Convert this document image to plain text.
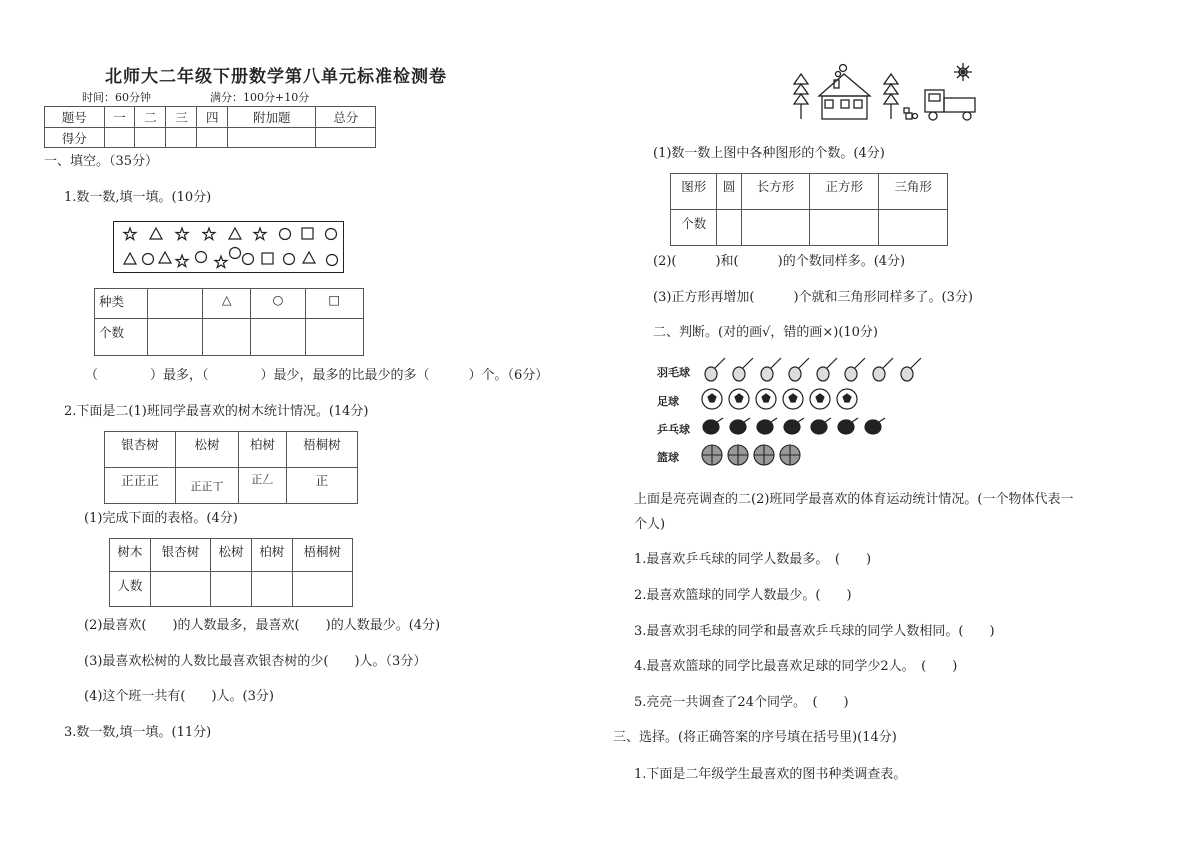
北师大二年级下册数学第八单元标准检测卷
时间：60分钟	满分：100分+10分
题号	一	二	三	四	附加题	总分
得分						
一、填空。（35分）
1.数一数,填一填。(10分)
种类		△	○	□
个数				
（　　　　）最多，（　　　　）最少，最多的比最少的多（　　　）个。（6分）
2.下面是二(1)班同学最喜欢的树木统计情况。(14分)
银杏树	松树	柏树	梧桐树
正正正	正正丅	正𠃋	正
(1)完成下面的表格。(4分)
树木	银杏树	松树	柏树	梧桐树
人数				
(2)最喜欢(　　)的人数最多，最喜欢(　　)的人数最少。(4分)
(3)最喜欢松树的人数比最喜欢银杏树的少(　　)人。（3分）
(4)这个班一共有(　　)人。(3分)
3.数一数,填一填。(11分)
(1)数一数上图中各种图形的个数。(4分)
图形	圆	长方形	正方形	三角形
个数				
(2)(　　　)和(　　　)的个数同样多。(4分)
(3)正方形再增加(　　　)个就和三角形同样多了。(3分)
二、判断。(对的画√，错的画×)(10分)
羽毛球
足球
乒乓球
篮球
上面是亮亮调查的二(2)班同学最喜欢的体育运动统计情况。(一个物体代表一
个人)
1.最喜欢乒乓球的同学人数最多。　(　　)
2.最喜欢篮球的同学人数最少。(　　)
3.最喜欢羽毛球的同学和最喜欢乒乓球的同学人数相同。(　　)
4.最喜欢篮球的同学比最喜欢足球的同学少2人。　(　　)
5.亮亮一共调查了24个同学。　(　　)
三、选择。(将正确答案的序号填在括号里)(14分)
1.下面是二年级学生最喜欢的图书种类调查表。
